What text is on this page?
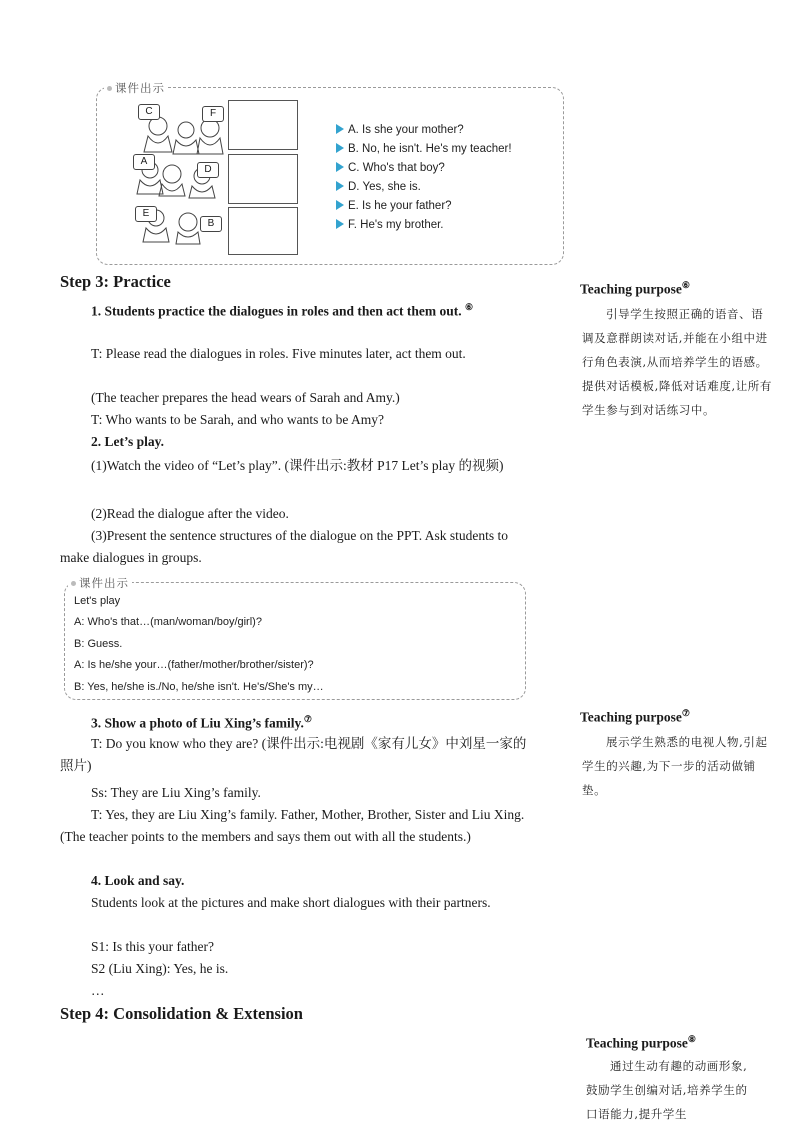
课件出示
C	F
A
D
E
B
A. Is she your mother?
B. No, he isn't. He's my teacher!
C. Who's that boy?
D. Yes, she is.
E. Is he your father?
F. He's my brother.
Step 3: Practice
1. Students practice the dialogues in roles and then act them out. ⑥
T: Please read the dialogues in roles. Five minutes later, act them out.
(The teacher prepares the head wears of Sarah and Amy.)
T: Who wants to be Sarah, and who wants to be Amy?
2. Let’s play.
(1)Watch the video of “Let’s play”. (课件出示:教材 P17 Let’s play 的视频)
(2)Read the dialogue after the video.
(3)Present the sentence structures of the dialogue on the PPT. Ask students to make dialogues in groups.
课件出示
Let's play
A: Who's that…(man/woman/boy/girl)?
B: Guess.
A: Is he/she your…(father/mother/brother/sister)?
B: Yes, he/she is./No, he/she isn't. He's/She's my…
3. Show a photo of Liu Xing’s family.⑦
T: Do you know who they are? (课件出示:电视剧《家有儿女》中刘星一家的照片)
Ss: They are Liu Xing’s family.
T: Yes, they are Liu Xing’s family. Father, Mother, Brother, Sister and Liu Xing. (The teacher points to the members and says them out with all the students.)
4. Look and say.
Students look at the pictures and make short dialogues with their partners.
S1: Is this your father?
S2 (Liu Xing): Yes, he is.
…
Step 4: Consolidation & Extension
Teaching purpose⑥
引导学生按照正确的语音、语调及意群朗读对话,并能在小组中进行角色表演,从而培养学生的语感。提供对话模板,降低对话难度,让所有学生参与到对话练习中。
Teaching purpose⑦
展示学生熟悉的电视人物,引起学生的兴趣,为下一步的活动做铺垫。
Teaching purpose⑧
通过生动有趣的动画形象,鼓励学生创编对话,培养学生的口语能力,提升学生
